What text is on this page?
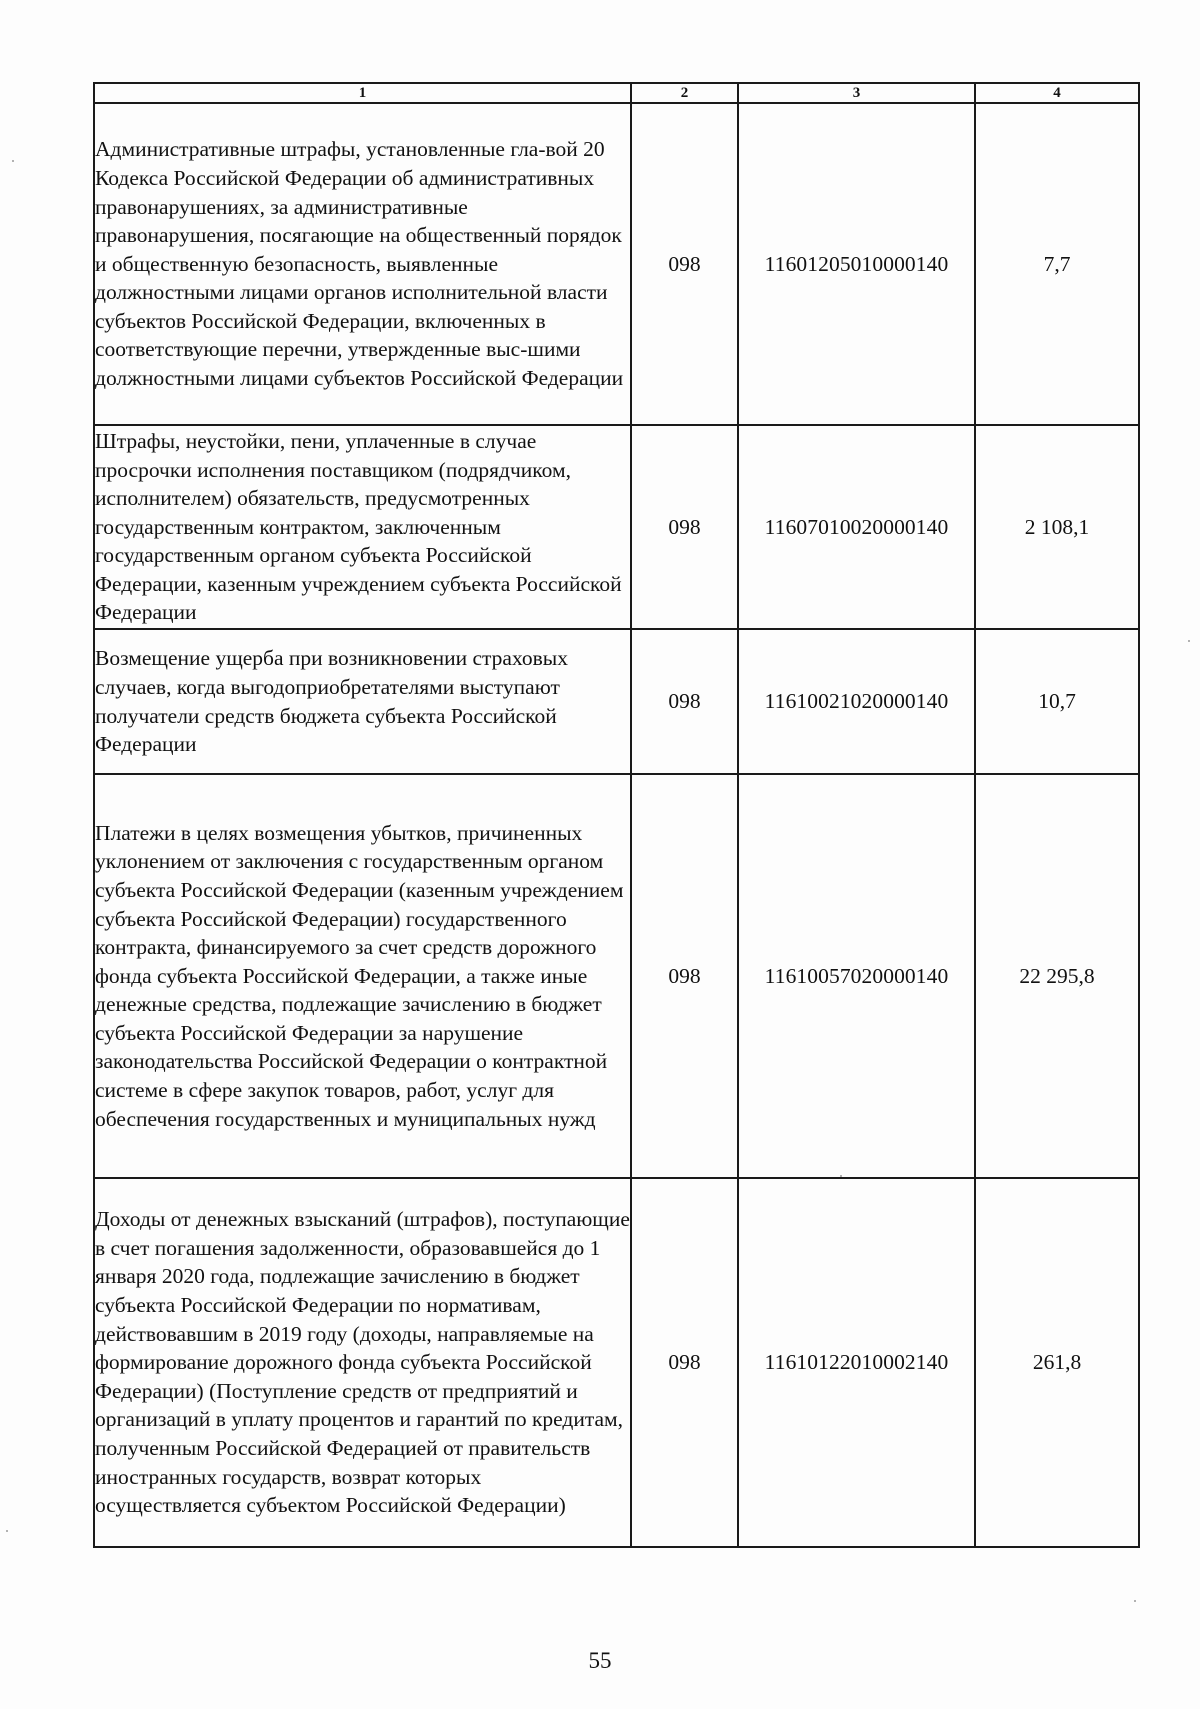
1	2	3	4
Административные штрафы, установленные гла-вой 20 Кодекса Российской Федерации об административных правонарушениях, за административные правонарушения, посягающие на общественный порядок и общественную безопасность, выявленные должностными лицами органов исполнительной власти субъектов Российской Федерации, включенных в соответствующие перечни, утвержденные выс-шими должностными лицами субъектов Российской Федерации	098	11601205010000140	7,7
Штрафы, неустойки, пени, уплаченные в случае просрочки исполнения поставщиком (подрядчиком, исполнителем) обязательств, предусмотренных государственным контрактом, заключенным государственным органом субъекта Российской Федерации, казенным учреждением субъекта Российской Федерации	098	11607010020000140	2 108,1
Возмещение ущерба при возникновении страховых случаев, когда выгодоприобретателями выступают получатели средств бюджета субъекта Российской Федерации	098	11610021020000140	10,7
Платежи в целях возмещения убытков, причиненных уклонением от заключения с государственным органом субъекта Российской Федерации (казенным учреждением субъекта Российской Федерации) государственного контракта, финансируемого за счет средств дорожного фонда субъекта Российской Федерации, а также иные денежные средства, подлежащие зачислению в бюджет субъекта Российской Федерации за нарушение законодательства Российской Федерации о контрактной системе в сфере закупок товаров, работ, услуг для обеспечения государственных и муниципальных нужд	098	11610057020000140	22 295,8
Доходы от денежных взысканий (штрафов), поступающие в счет погашения задолженности, образовавшейся до 1 января 2020 года, подлежащие зачислению в бюджет субъекта Российской Федерации по нормативам, действовавшим в 2019 году (доходы, направляемые на формирование дорожного фонда субъекта Российской Федерации) (Поступление средств от предприятий и организаций в уплату процентов и гарантий по кредитам, полученным Российской Федерацией от правительств иностранных государств, возврат которых осуществляется субъектом Российской Федерации)	098	11610122010002140	261,8
55
